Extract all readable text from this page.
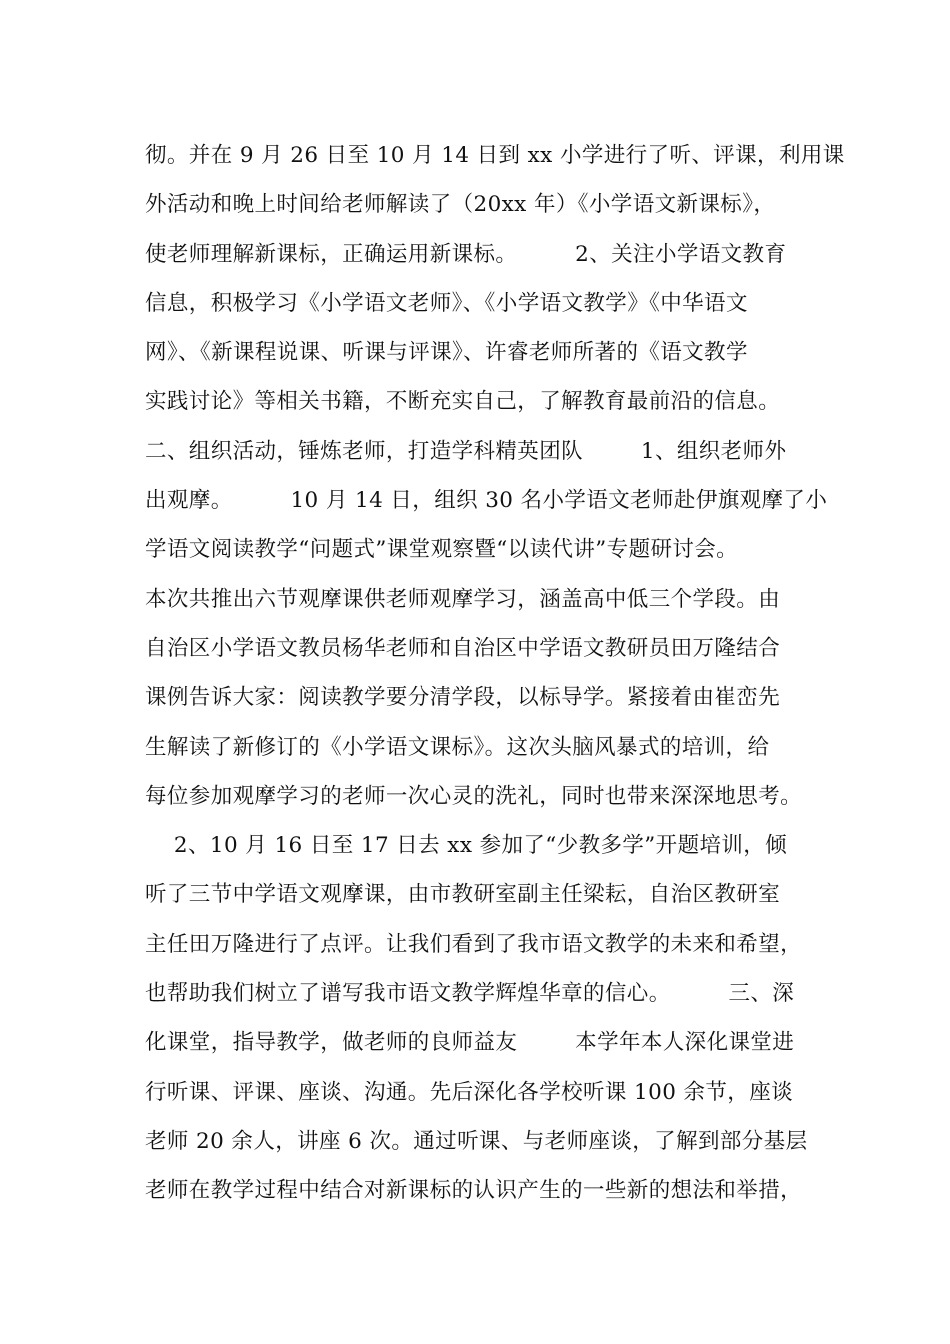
彻。并在 9 月 26 日至 10 月 14 日到 xx 小学进行了听、评课，利用课
外活动和晚上时间给老师解读了（20xx 年）《小学语文新课标》，
使老师理解新课标，正确运用新课标。        2、关注小学语文教育
信息，积极学习《小学语文老师》、《小学语文教学》《中华语文
网》、《新课程说课、听课与评课》、许睿老师所著的《语文教学
实践讨论》等相关书籍，不断充实自己，了解教育最前沿的信息。
二、组织活动，锤炼老师，打造学科精英团队        1、组织老师外
出观摩。        10 月 14 日，组织 30 名小学语文老师赴伊旗观摩了小
学语文阅读教学“问题式”课堂观察暨“以读代讲”专题研讨会。
本次共推出六节观摩课供老师观摩学习，涵盖高中低三个学段。由
自治区小学语文教员杨华老师和自治区中学语文教研员田万隆结合
课例告诉大家：阅读教学要分清学段，以标导学。紧接着由崔峦先
生解读了新修订的《小学语文课标》。这次头脑风暴式的培训，给
每位参加观摩学习的老师一次心灵的洗礼，同时也带来深深地思考。
2、10 月 16 日至 17 日去 xx 参加了“少教多学”开题培训，倾
听了三节中学语文观摩课，由市教研室副主任梁耘，自治区教研室
主任田万隆进行了点评。让我们看到了我市语文教学的未来和希望，
也帮助我们树立了谱写我市语文教学辉煌华章的信心。        三、深
化课堂，指导教学，做老师的良师益友        本学年本人深化课堂进
行听课、评课、座谈、沟通。先后深化各学校听课 100 余节，座谈
老师 20 余人，讲座 6 次。通过听课、与老师座谈，了解到部分基层
老师在教学过程中结合对新课标的认识产生的一些新的想法和举措，
